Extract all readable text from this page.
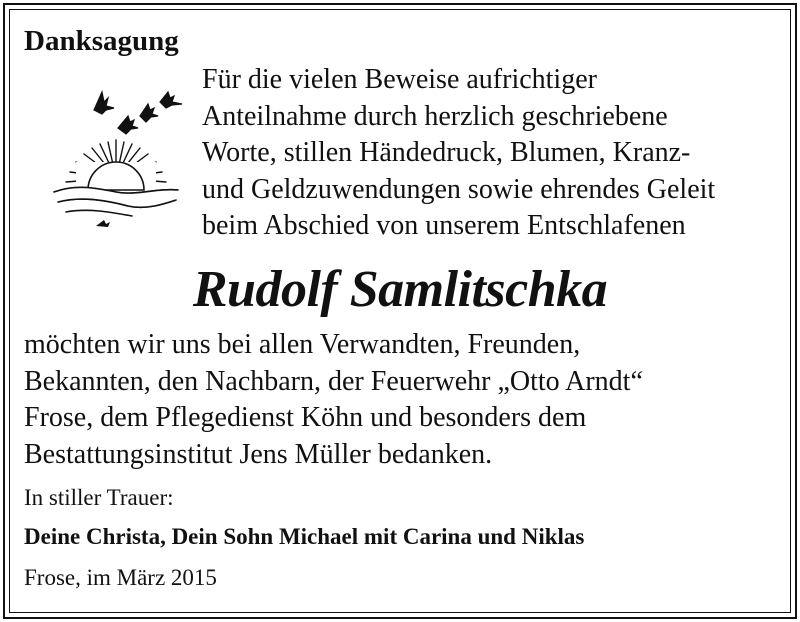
Danksagung
Für die vielen Beweise aufrichtiger
Anteilnahme durch herzlich geschriebene
Worte, stillen Händedruck, Blumen, Kranz-
und Geldzuwendungen sowie ehrendes Geleit
beim Abschied von unserem Entschlafenen
Rudolf Samlitschka
möchten wir uns bei allen Verwandten, Freunden,
Bekannten, den Nachbarn, der Feuerwehr „Otto Arndt“
Frose, dem Pflegedienst Köhn und besonders dem
Bestattungsinstitut Jens Müller bedanken.

In stiller Trauer:

Deine Christa, Dein Sohn Michael mit Carina und Niklas

Frose, im März 2015
